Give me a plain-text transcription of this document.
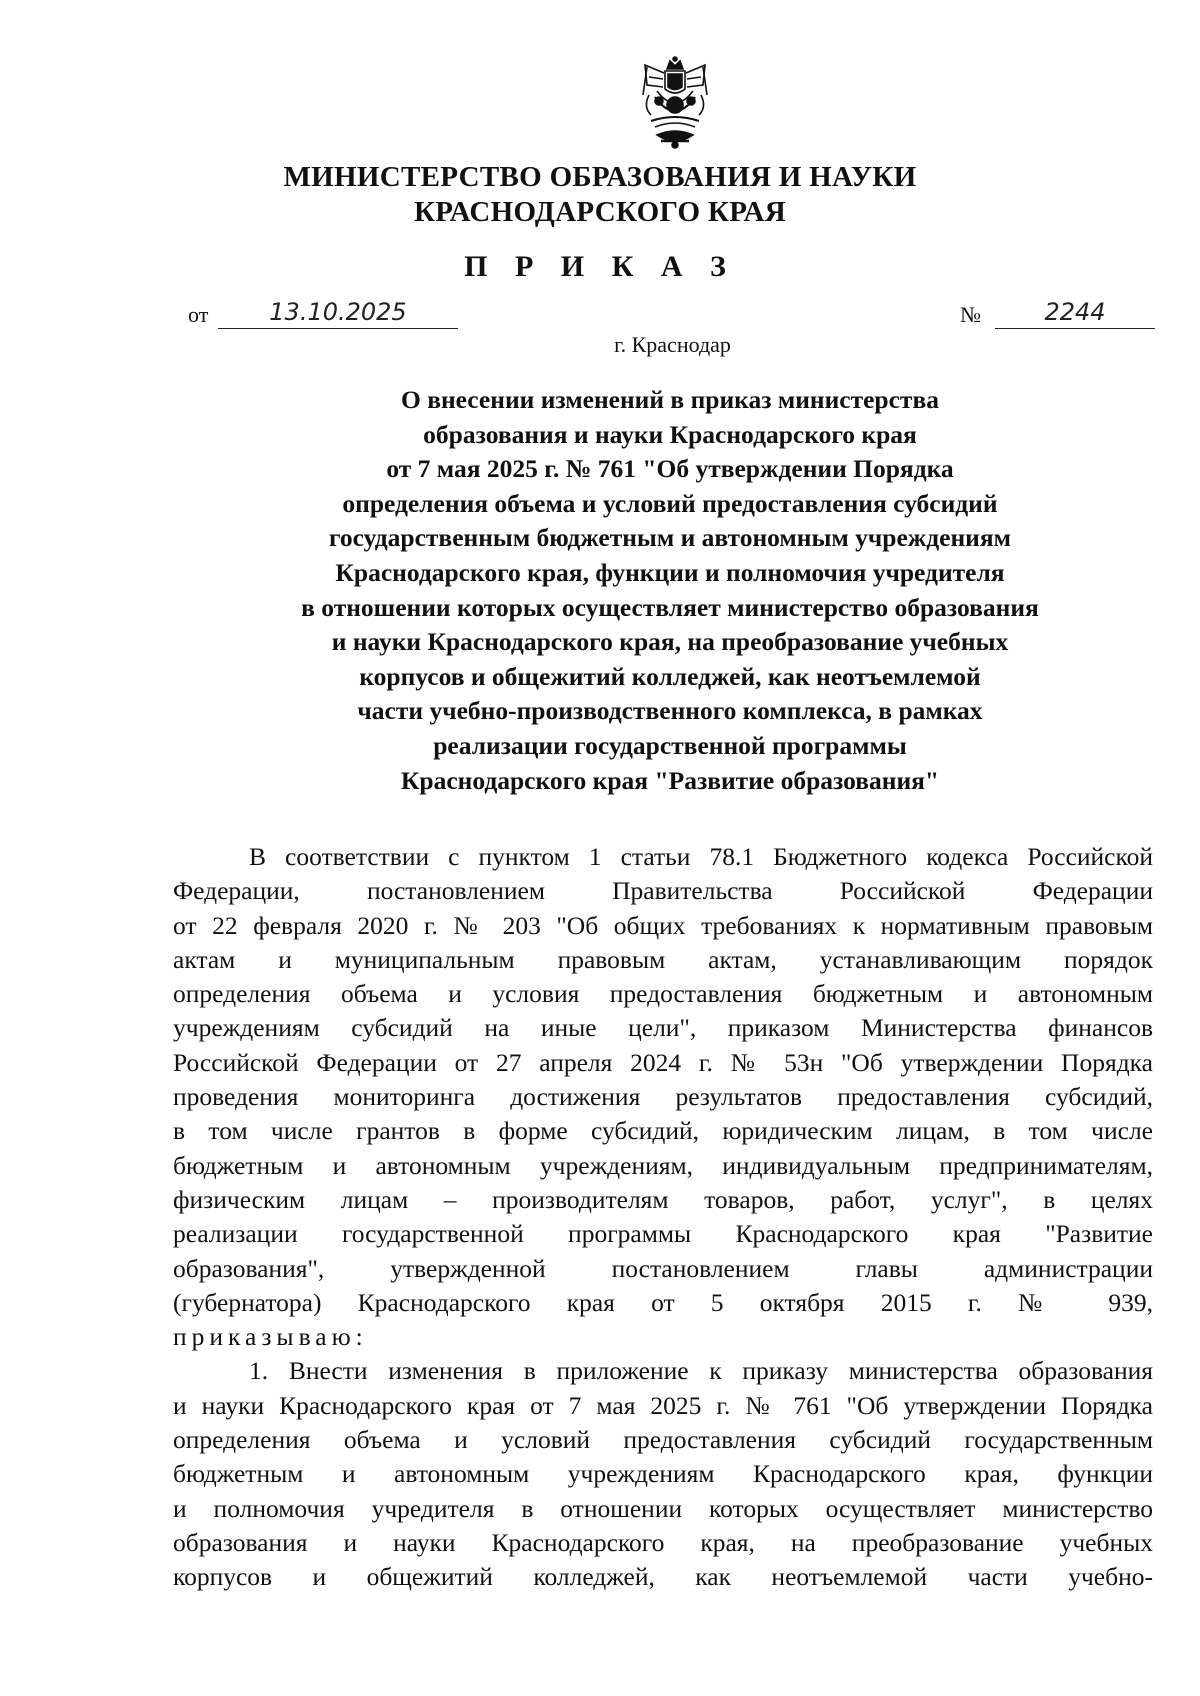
МИНИСТЕРСТВО ОБРАЗОВАНИЯ И НАУКИ
КРАСНОДАРСКОГО КРАЯ
П Р И К А З
от	13.10.2025	№	2244
г. Краснодар
О внесении изменений в приказ министерства
образования и науки Краснодарского края
от 7 мая 2025 г. № 761 "Об утверждении Порядка
определения объема и условий предоставления субсидий
государственным бюджетным и автономным учреждениям
Краснодарского края, функции и полномочия учредителя
в отношении которых осуществляет министерство образования
и науки Краснодарского края, на преобразование учебных
корпусов и общежитий колледжей, как неотъемлемой
части учебно-производственного комплекса, в рамках
реализации государственной программы
Краснодарского края "Развитие образования"
В соответствии с пунктом 1 статьи 78.1 Бюджетного кодекса Российской
Федерации, постановлением Правительства Российской Федерации
от 22 февраля 2020 г. № 203 "Об общих требованиях к нормативным правовым
актам и муниципальным правовым актам, устанавливающим порядок
определения объема и условия предоставления бюджетным и автономным
учреждениям субсидий на иные цели", приказом Министерства финансов
Российской Федерации от 27 апреля 2024 г. № 53н "Об утверждении Порядка
проведения мониторинга достижения результатов предоставления субсидий,
в том числе грантов в форме субсидий, юридическим лицам, в том числе
бюджетным и автономным учреждениям, индивидуальным предпринимателям,
физическим лицам – производителям товаров, работ, услуг", в целях
реализации государственной программы Краснодарского края "Развитие
образования", утвержденной постановлением главы администрации
(губернатора) Краснодарского края от 5 октября 2015 г. № 939,
приказываю:
1. Внести изменения в приложение к приказу министерства образования
и науки Краснодарского края от 7 мая 2025 г. № 761 "Об утверждении Порядка
определения объема и условий предоставления субсидий государственным
бюджетным и автономным учреждениям Краснодарского края, функции
и полномочия учредителя в отношении которых осуществляет министерство
образования и науки Краснодарского края, на преобразование учебных
корпусов и общежитий колледжей, как неотъемлемой части учебно-
